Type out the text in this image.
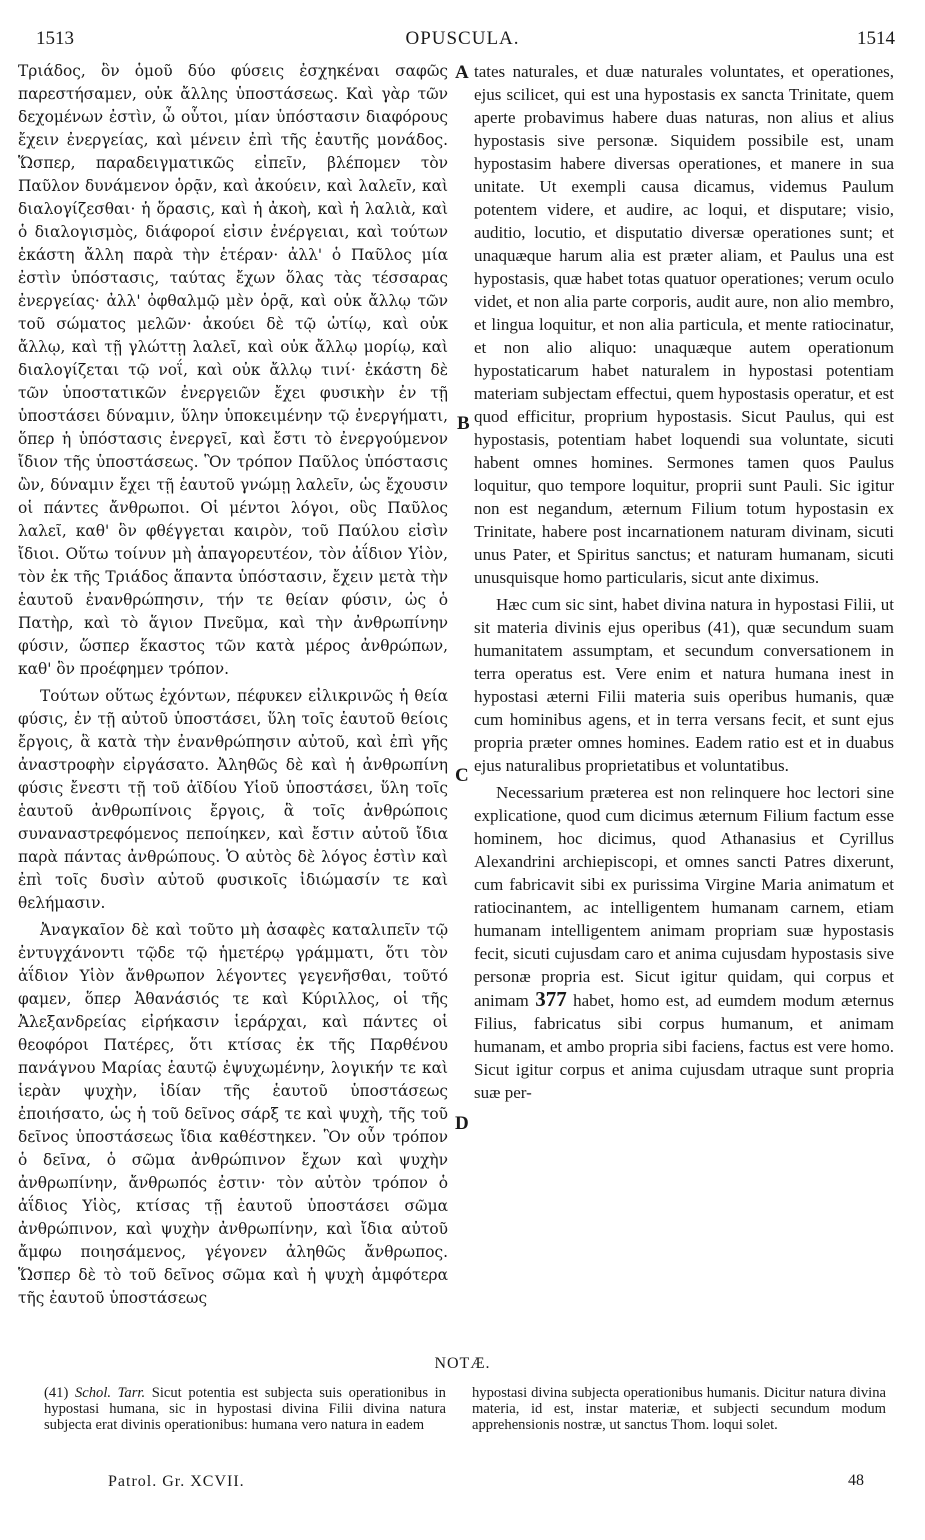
1513	OPUSCULA.	1514

Τριάδος, ὃν ὁμοῦ δύο φύσεις ἐσχηκέναι σαφῶς παρεστήσαμεν, οὐκ ἄλλης ὑποστάσεως. Καὶ γὰρ τῶν δεχομένων ἐστὶν, ὦ οὗτοι, μίαν ὑπόστασιν διαφόρους ἔχειν ἐνεργείας, καὶ μένειν ἐπὶ τῆς ἑαυτῆς μονάδος. Ὥσπερ, παραδειγματικῶς εἰπεῖν, βλέπομεν τὸν Παῦλον δυνάμενον ὁρᾷν, καὶ ἀκούειν, καὶ λαλεῖν, καὶ διαλογίζεσθαι· ἡ ὅρασις, καὶ ἡ ἀκοὴ, καὶ ἡ λαλιὰ, καὶ ὁ διαλογισμὸς, διάφοροί εἰσιν ἐνέργειαι, καὶ τούτων ἑκάστη ἄλλη παρὰ τὴν ἑτέραν· ἀλλ' ὁ Παῦλος μία ἐστὶν ὑπόστασις, ταύτας ἔχων ὅλας τὰς τέσσαρας ἐνεργείας· ἀλλ' ὀφθαλμῷ μὲν ὁρᾷ, καὶ οὐκ ἄλλῳ τῶν τοῦ σώματος μελῶν· ἀκούει δὲ τῷ ὠτίῳ, καὶ οὐκ ἄλλῳ, καὶ τῇ γλώττῃ λαλεῖ, καὶ οὐκ ἄλλῳ μορίῳ, καὶ διαλογίζεται τῷ νοΐ, καὶ οὐκ ἄλλῳ τινί· ἑκάστη δὲ τῶν ὑποστατικῶν ἐνεργειῶν ἔχει φυσικὴν ἐν τῇ ὑποστάσει δύναμιν, ὕλην ὑποκειμένην τῷ ἐνεργήματι, ὅπερ ἡ ὑπόστασις ἐνεργεῖ, καὶ ἔστι τὸ ἐνεργούμενον ἴδιον τῆς ὑποστάσεως. Ὃν τρόπον Παῦλος ὑπόστασις ὢν, δύναμιν ἔχει τῇ ἑαυτοῦ γνώμῃ λαλεῖν, ὡς ἔχουσιν οἱ πάντες ἄνθρωποι. Οἱ μέντοι λόγοι, οὓς Παῦλος λαλεῖ, καθ' ὃν φθέγγεται καιρὸν, τοῦ Παύλου εἰσὶν ἴδιοι. Οὕτω τοίνυν μὴ ἀπαγορευτέον, τὸν ἀΐδιον Υἱὸν, τὸν ἐκ τῆς Τριάδος ἅπαντα ὑπόστασιν, ἔχειν μετὰ τὴν ἑαυτοῦ ἐνανθρώπησιν, τήν τε θείαν φύσιν, ὡς ὁ Πατὴρ, καὶ τὸ ἅγιον Πνεῦμα, καὶ τὴν ἀνθρωπίνην φύσιν, ὥσπερ ἕκαστος τῶν κατὰ μέρος ἀνθρώπων, καθ' ὃν προέφημεν τρόπον.

Τούτων οὕτως ἐχόντων, πέφυκεν εἰλικρινῶς ἡ θεία φύσις, ἐν τῇ αὐτοῦ ὑποστάσει, ὕλη τοῖς ἑαυτοῦ θείοις ἔργοις, ἃ κατὰ τὴν ἐνανθρώπησιν αὐτοῦ, καὶ ἐπὶ γῆς ἀναστροφὴν εἰργάσατο. Ἀληθῶς δὲ καὶ ἡ ἀνθρωπίνη φύσις ἔνεστι τῇ τοῦ ἀϊδίου Υἱοῦ ὑποστάσει, ὕλη τοῖς ἑαυτοῦ ἀνθρωπίνοις ἔργοις, ἃ τοῖς ἀνθρώποις συναναστρεφόμενος πεποίηκεν, καὶ ἔστιν αὐτοῦ ἴδια παρὰ πάντας ἀνθρώπους. Ὁ αὐτὸς δὲ λόγος ἐστὶν καὶ ἐπὶ τοῖς δυσὶν αὐτοῦ φυσικοῖς ἰδιώμασίν τε καὶ θελήμασιν.

Ἀναγκαῖον δὲ καὶ τοῦτο μὴ ἀσαφὲς καταλιπεῖν τῷ ἐντυγχάνοντι τῷδε τῷ ἡμετέρῳ γράμματι, ὅτι τὸν ἀΐδιον Υἱὸν ἄνθρωπον λέγοντες γεγενῆσθαι, τοῦτό φαμεν, ὅπερ Ἀθανάσιός τε καὶ Κύριλλος, οἱ τῆς Ἀλεξανδρείας εἰρήκασιν ἱεράρχαι, καὶ πάντες οἱ θεοφόροι Πατέρες, ὅτι κτίσας ἐκ τῆς Παρθένου πανάγνου Μαρίας ἑαυτῷ ἐψυχωμένην, λογικήν τε καὶ ἱερὰν ψυχὴν, ἰδίαν τῆς ἑαυτοῦ ὑποστάσεως ἐποιήσατο, ὡς ἡ τοῦ δεῖνος σάρξ τε καὶ ψυχὴ, τῆς τοῦ δεῖνος ὑποστάσεως ἴδια καθέστηκεν. Ὃν οὖν τρόπον ὁ δεῖνα, ὁ σῶμα ἀνθρώπινον ἔχων καὶ ψυχὴν ἀνθρωπίνην, ἄνθρωπός ἐστιν· τὸν αὐτὸν τρόπον ὁ ἀΐδιος Υἱὸς, κτίσας τῇ ἑαυτοῦ ὑποστάσει σῶμα ἀνθρώπινον, καὶ ψυχὴν ἀνθρωπίνην, καὶ ἴδια αὐτοῦ ἄμφω ποιησάμενος, γέγονεν ἀληθῶς ἄνθρωπος. Ὥσπερ δὲ τὸ τοῦ δεῖνος σῶμα καὶ ἡ ψυχὴ ἀμφότερα τῆς ἑαυτοῦ ὑποστάσεως

A
B
C
D

tates naturales, et duæ naturales voluntates, et operationes, ejus scilicet, qui est una hypostasis ex sancta Trinitate, quem aperte probavimus habere duas naturas, non alius et alius hypostasis sive personæ. Siquidem possibile est, unam hypostasim habere diversas operationes, et manere in sua unitate. Ut exempli causa dicamus, videmus Paulum potentem videre, et audire, ac loqui, et disputare; visio, auditio, locutio, et disputatio diversæ operationes sunt; et unaquæque harum alia est præter aliam, et Paulus una est hypostasis, quæ habet totas quatuor operationes; verum oculo videt, et non alia parte corporis, audit aure, non alio membro, et lingua loquitur, et non alia particula, et mente ratiocinatur, et non alio aliquo: unaquæque autem operationum hypostaticarum habet naturalem in hypostasi potentiam materiam subjectam effectui, quem hypostasis operatur, et est quod efficitur, proprium hypostasis. Sicut Paulus, qui est hypostasis, potentiam habet loquendi sua voluntate, sicuti habent omnes homines. Sermones tamen quos Paulus loquitur, quo tempore loquitur, proprii sunt Pauli. Sic igitur non est negandum, æternum Filium totum hypostasin ex Trinitate, habere post incarnationem naturam divinam, sicuti unus Pater, et Spiritus sanctus; et naturam humanam, sicuti unusquisque homo particularis, sicut ante diximus.

Hæc cum sic sint, habet divina natura in hypostasi Filii, ut sit materia divinis ejus operibus (41), quæ secundum suam humanitatem assumptam, et secundum conversationem in terra operatus est. Vere enim et natura humana inest in hypostasi æterni Filii materia suis operibus humanis, quæ cum hominibus agens, et in terra versans fecit, et sunt ejus propria præter omnes homines. Eadem ratio est et in duabus ejus naturalibus proprietatibus et voluntatibus.

Necessarium præterea est non relinquere hoc lectori sine explicatione, quod cum dicimus æternum Filium factum esse hominem, hoc dicimus, quod Athanasius et Cyrillus Alexandrini archiepiscopi, et omnes sancti Patres dixerunt, cum fabricavit sibi ex purissima Virgine Maria animatum et ratiocinantem, ac intelligentem humanam carnem, etiam humanam intelligentem animam propriam suæ hypostasis fecit, sicuti cujusdam caro et anima cujusdam hypostasis sive personæ propria est. Sicut igitur quidam, qui corpus et animam 377 habet, homo est, ad eumdem modum æternus Filius, fabricatus sibi corpus humanum, et animam humanam, et ambo propria sibi faciens, factus est vere homo. Sicut igitur corpus et anima cujusdam utraque sunt propria suæ per-

NOTÆ.

(41) Schol. Tarr. Sicut potentia est subjecta suis operationibus in hypostasi humana, sic in hypostasi divina Filii divina natura subjecta erat divinis operationibus: humana vero natura in eadem

hypostasi divina subjecta operationibus humanis. Dicitur natura divina materia, id est, instar materiæ, et subjecti secundum modum apprehensionis nostræ, ut sanctus Thom. loqui solet.

Patrol. Gr. XCVII.	48
